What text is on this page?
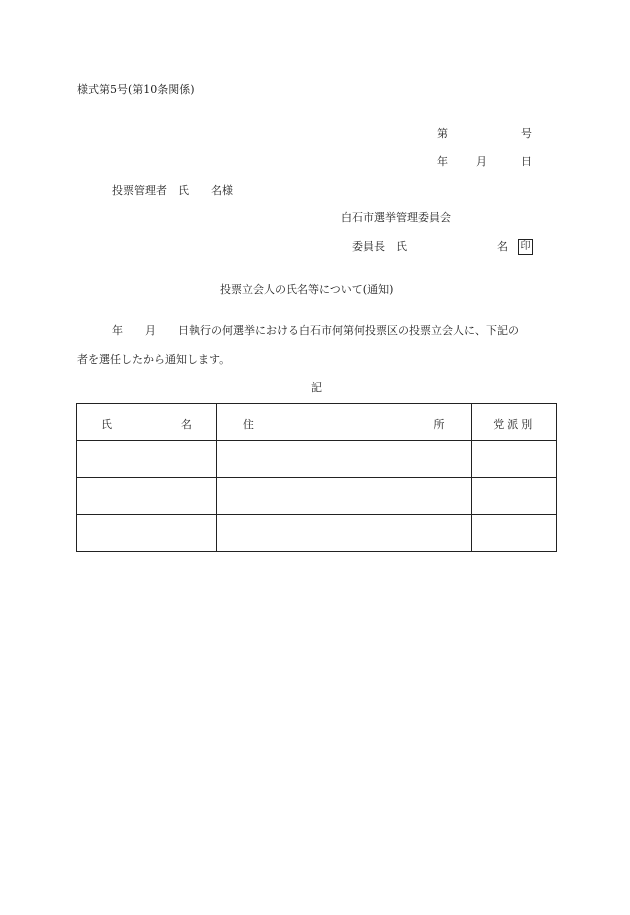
様式第5号(第10条関係)
第	号
年	月	日
投票管理者　氏　　名様
白石市選挙管理委員会
委員長　氏	名 印
投票立会人の氏名等について(通知)
年　　月　　日執行の何選挙における白石市何第何投票区の投票立会人に、下記の
者を選任したから通知します。
記
氏 名	住 所	党派別
